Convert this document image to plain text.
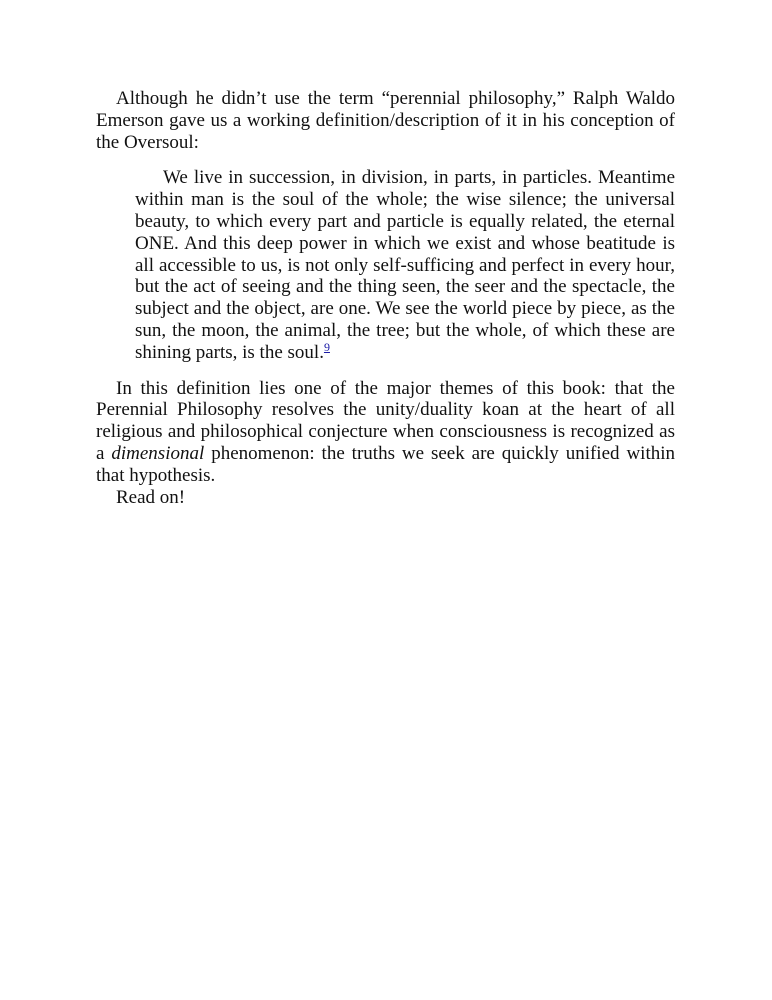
Although he didn’t use the term “perennial philosophy,” Ralph Waldo Emerson gave us a working definition/description of it in his conception of the Oversoul:

We live in succession, in division, in parts, in particles. Meantime within man is the soul of the whole; the wise silence; the universal beauty, to which every part and particle is equally related, the eternal ONE. And this deep power in which we exist and whose beatitude is all accessible to us, is not only self-sufficing and perfect in every hour, but the act of seeing and the thing seen, the seer and the spectacle, the subject and the object, are one. We see the world piece by piece, as the sun, the moon, the animal, the tree; but the whole, of which these are shining parts, is the soul.$^9$

In this definition lies one of the major themes of this book: that the Perennial Philosophy resolves the unity/duality koan at the heart of all religious and philosophical conjecture when consciousness is recognized as a dimensional phenomenon: the truths we seek are quickly unified within that hypothesis.

Read on!
